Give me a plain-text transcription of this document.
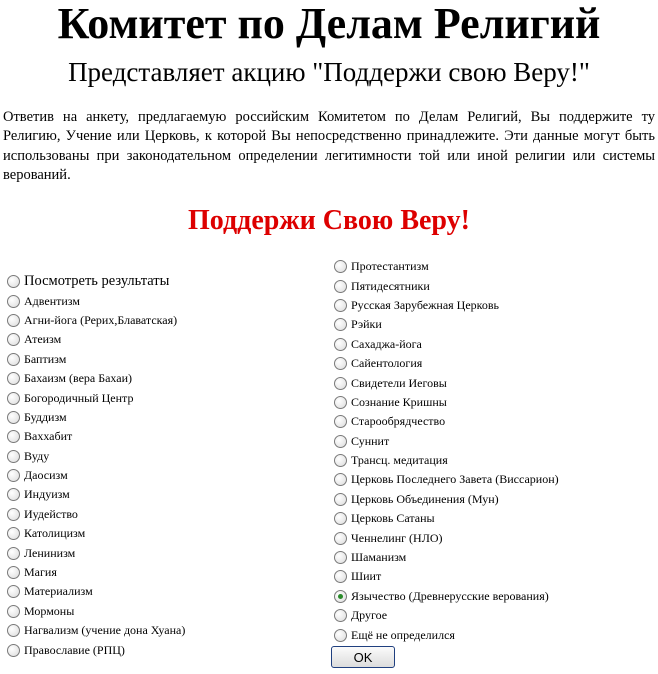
Комитет по Делам Религий
Представляет акцию "Поддержи свою Веру!"
Ответив на анкету, предлагаемую российским Комитетом по Делам Религий, Вы поддержите ту Религию, Учение или Церковь, к которой Вы непосредственно принадлежите. Эти данные могут быть использованы при законодательном определении легитимности той или иной религии или системы верований.
Поддержи Свою Веру!
Посмотреть результаты
Адвентизм
Агни-йога (Рерих,Блаватская)
Атеизм
Баптизм
Бахаизм (вера Бахаи)
Богородичный Центр
Буддизм
Ваххабит
Вуду
Даосизм
Индуизм
Иудейство
Католицизм
Ленинизм
Магия
Материализм
Мормоны
Нагвализм (учение дона Хуана)
Православие (РПЦ)
Протестантизм
Пятидесятники
Русская Зарубежная Церковь
Рэйки
Сахаджа-йога
Сайентология
Свидетели Иеговы
Сознание Кришны
Старообрядчество
Суннит
Трансц. медитация
Церковь Последнего Завета (Виссарион)
Церковь Объединения (Мун)
Церковь Сатаны
Ченнелинг (НЛО)
Шаманизм
Шиит
Язычество (Древнерусские верования)
Другое
Ещё не определился
OK
